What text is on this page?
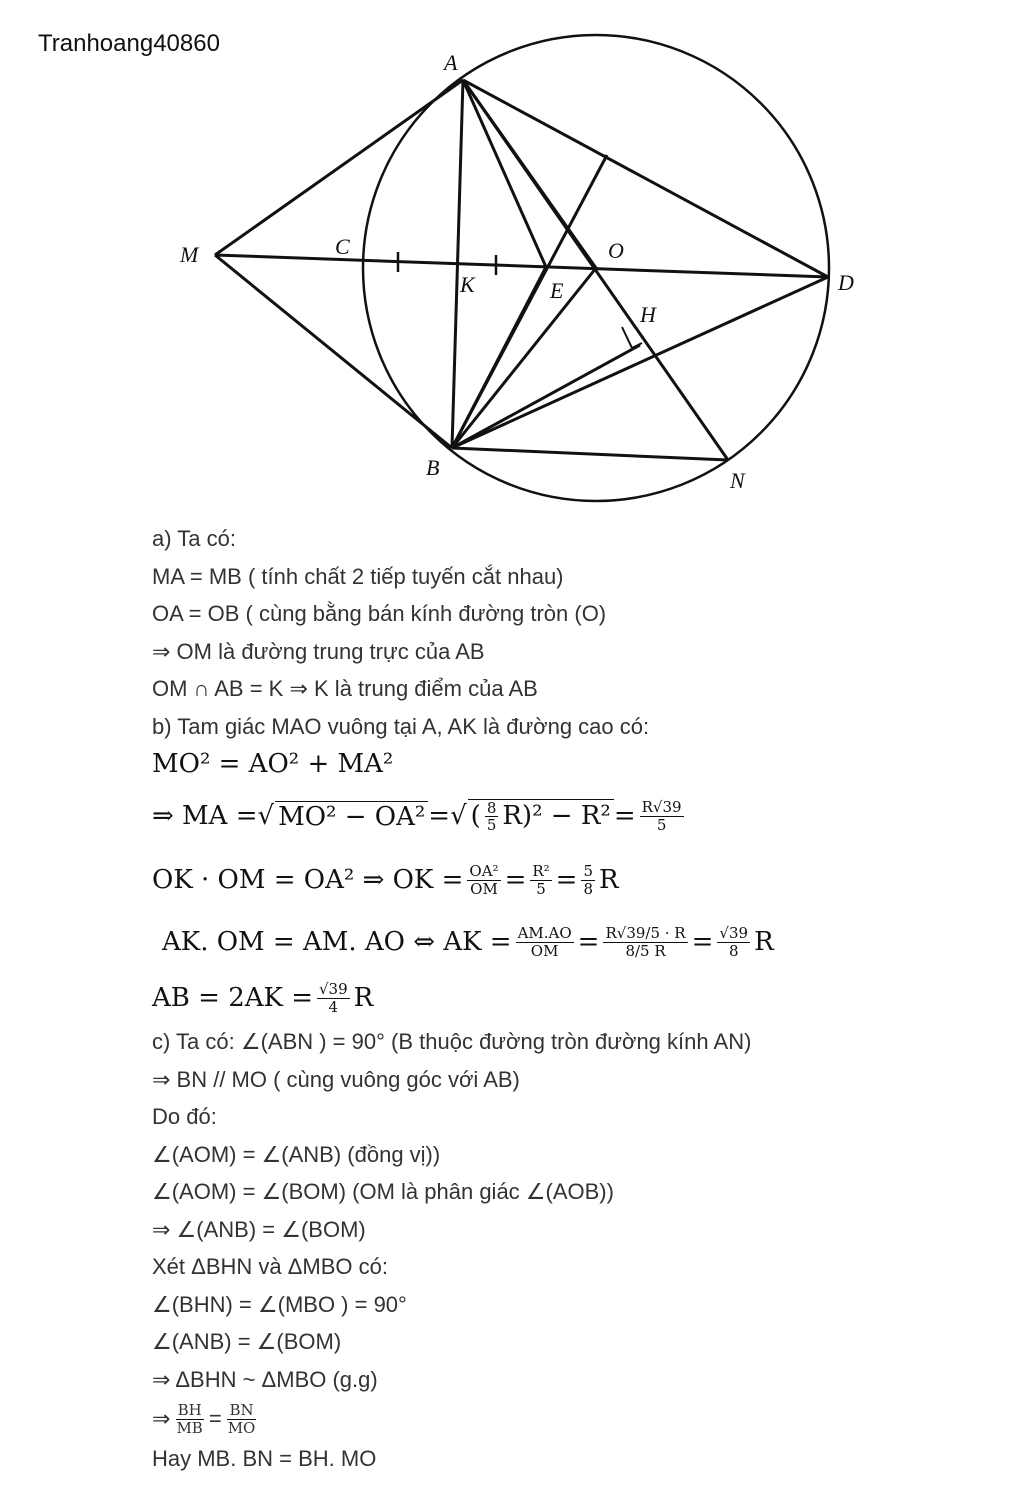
Tranhoang40860
A
B
C
D
E
H
K
M
N
O
a) Ta có:
MA = MB ( tính chất 2 tiếp tuyến cắt nhau)
OA = OB ( cùng bằng bán kính đường tròn (O)
⇒ OM là đường trung trực của AB
OM ∩ AB = K ⇒ K là trung điểm của AB
b) Tam giác MAO vuông tại A, AK là đường cao có:
MO² = AO² + MA²
⇒ MA = √ MO² − OA² = √ ( $\frac{8}{5} R)^2 - R^2 = \frac{R√39}{5}$
OK · OM = OA² ⇒ OK = $\frac{\text{OA²}}{OM} = \frac{\text{R²}}{5} = \frac{5}{8}$ R
AK. OM = AM. AO ⇔ AK = $\frac{AM.AO}{OM} = \frac{R√39/5 \cdot R}{8/5 R} = \frac{√39}{8}$ R
AB = $2AK = \frac{√39}{4}$ R
c) Ta có: ∠(ABN ) = 90° (B thuộc đường tròn đường kính AN)
⇒ BN // MO ( cùng vuông góc với AB)
Do đó:
∠(AOM) = ∠(ANB) (đồng vị))
∠(AOM) = ∠(BOM) (OM là phân giác ∠(AOB))
⇒ ∠(ANB) = ∠(BOM)
Xét ΔBHN và ΔMBO có:
∠(BHN) = ∠(MBO ) = 90°
∠(ANB) = ∠(BOM)
⇒ ΔBHN ~ ΔMBO (g.g)
⇒ $\frac{BH}{MB} = \frac{BN}{MO}$
Hay MB. BN = BH. MO
